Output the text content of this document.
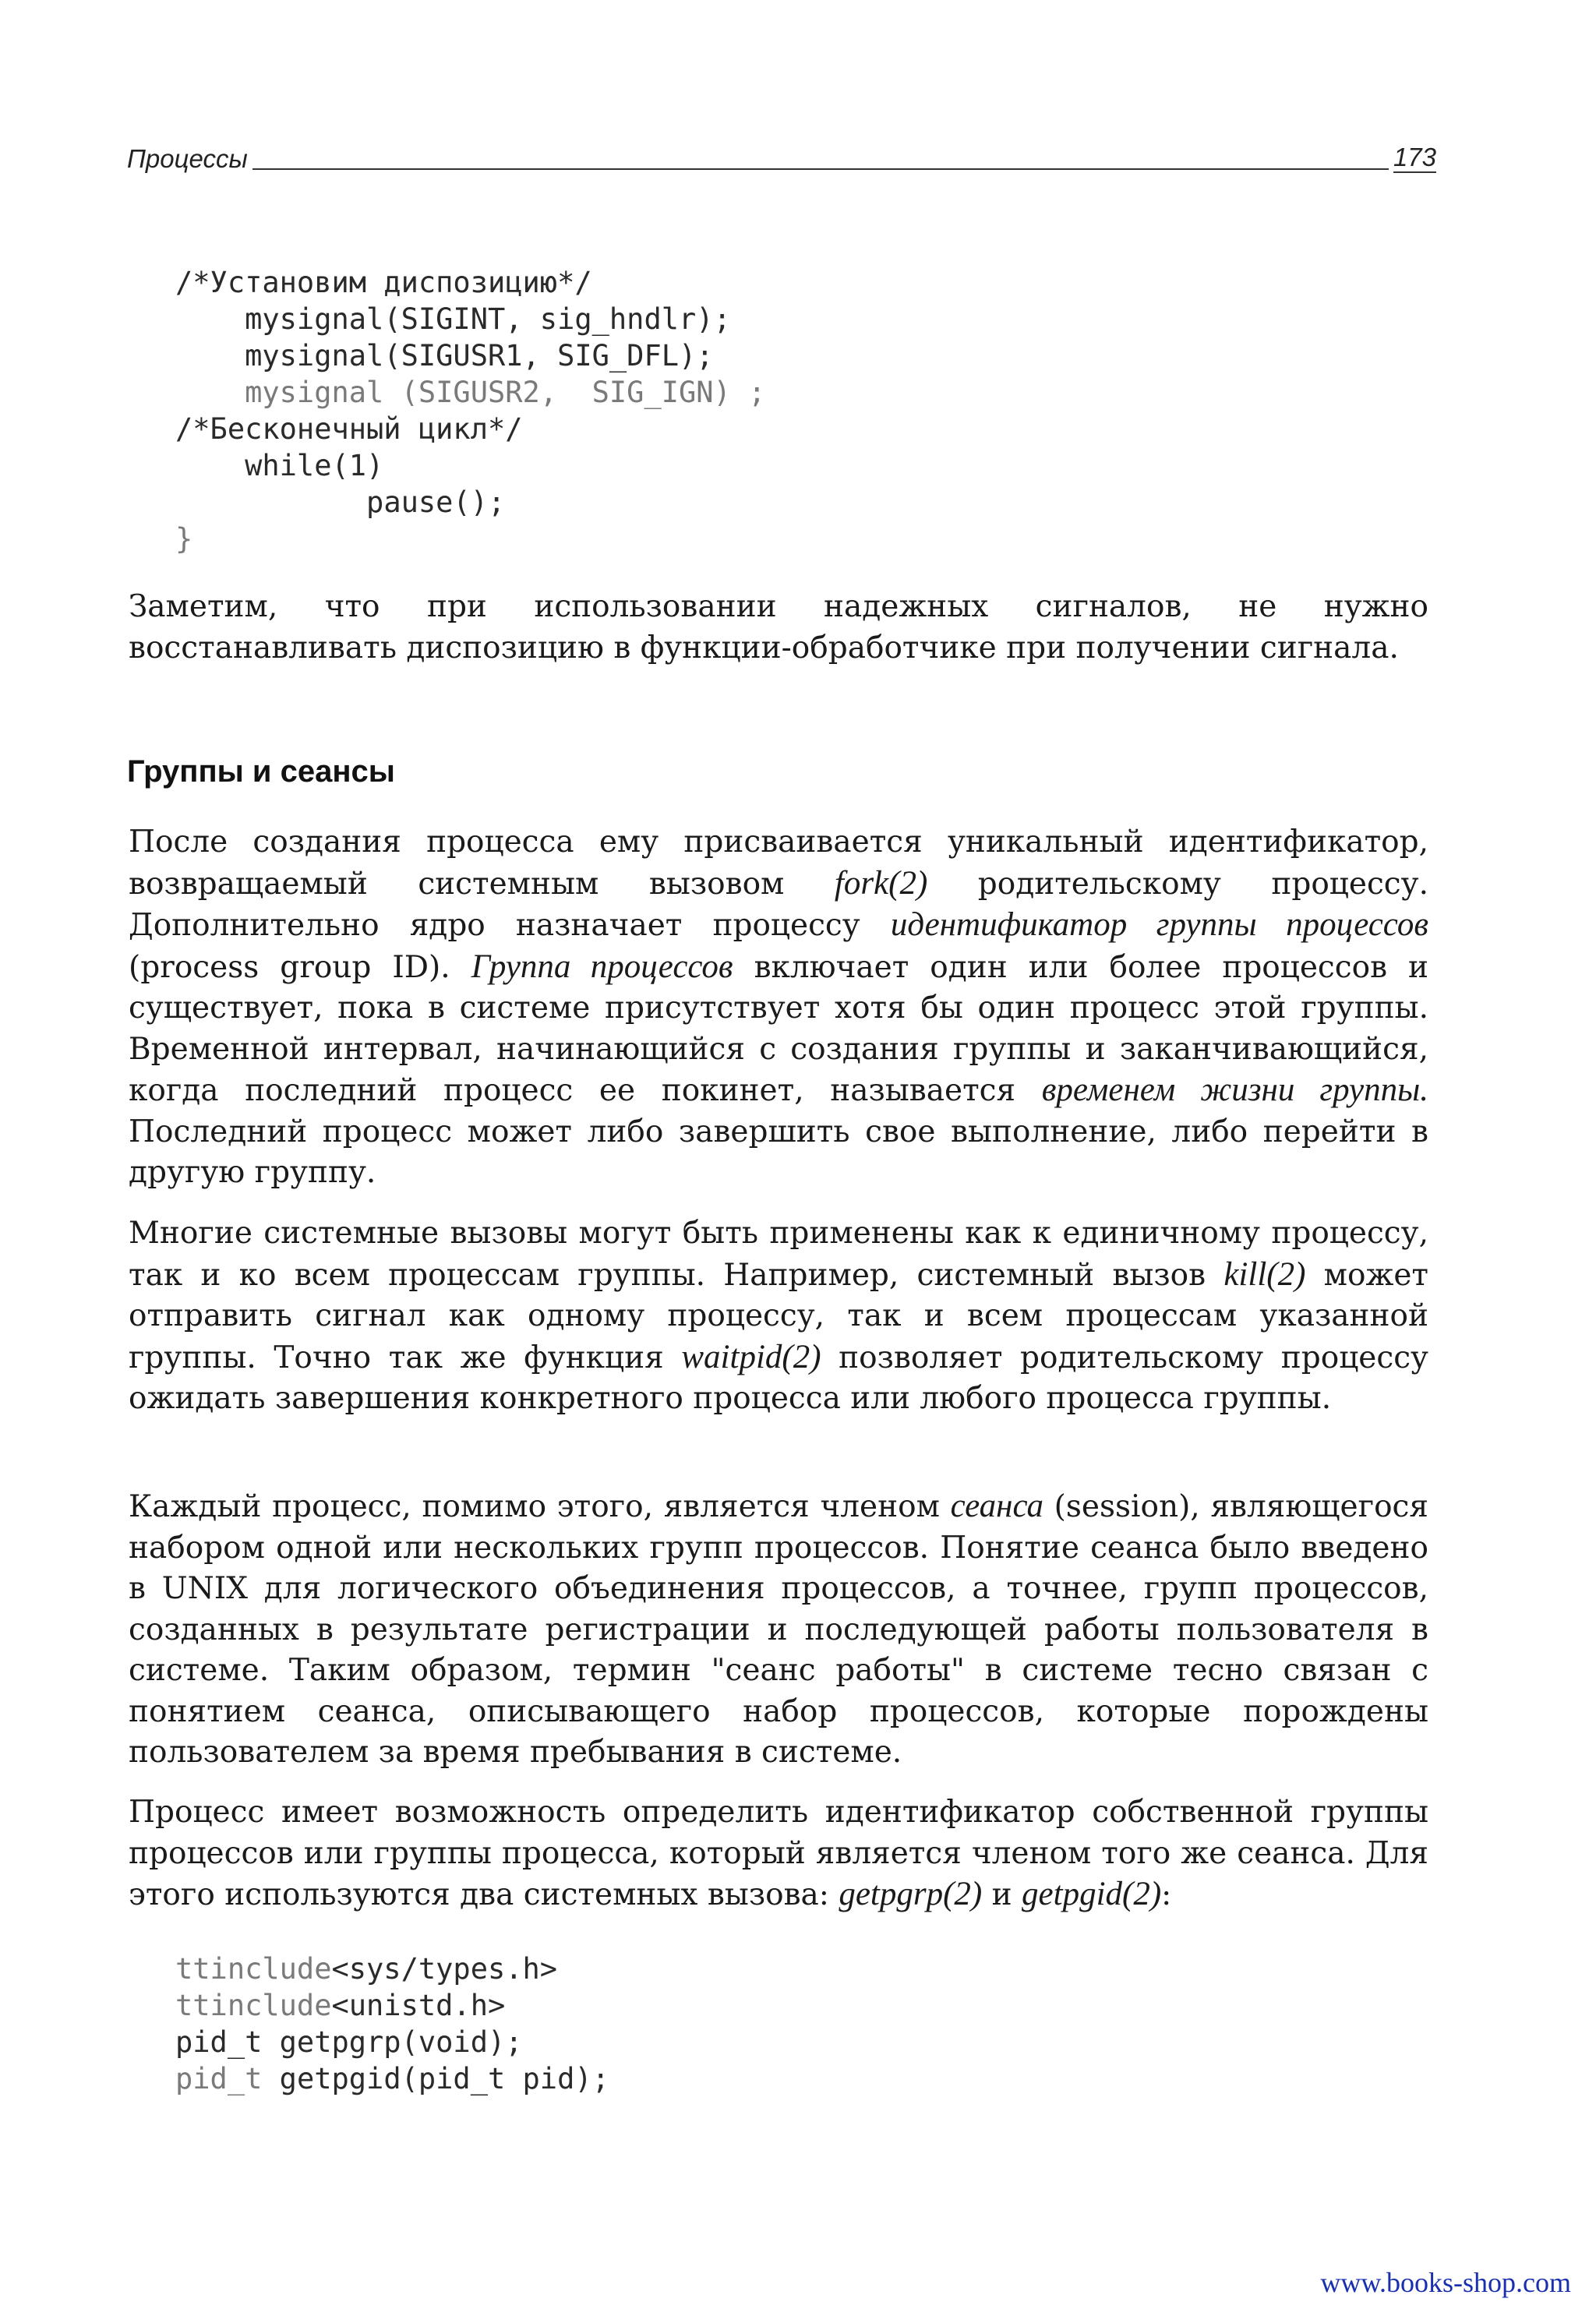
Процессы	173
/*Установим диспозицию*/
mysignal(SIGINT, sig_hndlr);
mysignal(SIGUSR1, SIG_DFL);
mysignal (SIGUSR2,  SIG_IGN) ;
/*Бесконечный цикл*/
while(1)
pause();
}

Заметим, что при использовании надежных сигналов, не нужно восстанавливать диспозицию в функции-обработчике при получении сигнала.

Группы и сеансы

После создания процесса ему присваивается уникальный идентификатор, возвращаемый системным вызовом fork(2) родительскому процессу. Дополнительно ядро назначает процессу идентификатор группы процессов (process group ID). Группа процессов включает один или более процессов и существует, пока в системе присутствует хотя бы один процесс этой группы. Временной интервал, начинающийся с создания группы и заканчивающийся, когда последний процесс ее покинет, называется временем жизни группы. Последний процесс может либо завершить свое выполнение, либо перейти в другую группу.

Многие системные вызовы могут быть применены как к единичному процессу, так и ко всем процессам группы. Например, системный вызов kill(2) может отправить сигнал как одному процессу, так и всем процессам указанной группы. Точно так же функция waitpid(2) позволяет родительскому процессу ожидать завершения конкретного процесса или любого процесса группы.

Каждый процесс, помимо этого, является членом сеанса (session), являющегося набором одной или нескольких групп процессов. Понятие сеанса было введено в UNIX для логического объединения процессов, а точнее, групп процессов, созданных в результате регистрации и последующей работы пользователя в системе. Таким образом, термин "сеанс работы" в системе тесно связан с понятием сеанса, описывающего набор процессов, которые порождены пользователем за время пребывания в системе.

Процесс имеет возможность определить идентификатор собственной группы процессов или группы процесса, который является членом того же сеанса. Для этого используются два системных вызова: getpgrp(2) и getpgid(2):

ttinclude<sys/types.h>
ttinclude<unistd.h>
pid_t getpgrp(void);
pid_t getpgid(pid_t pid);
www.books-shop.com
